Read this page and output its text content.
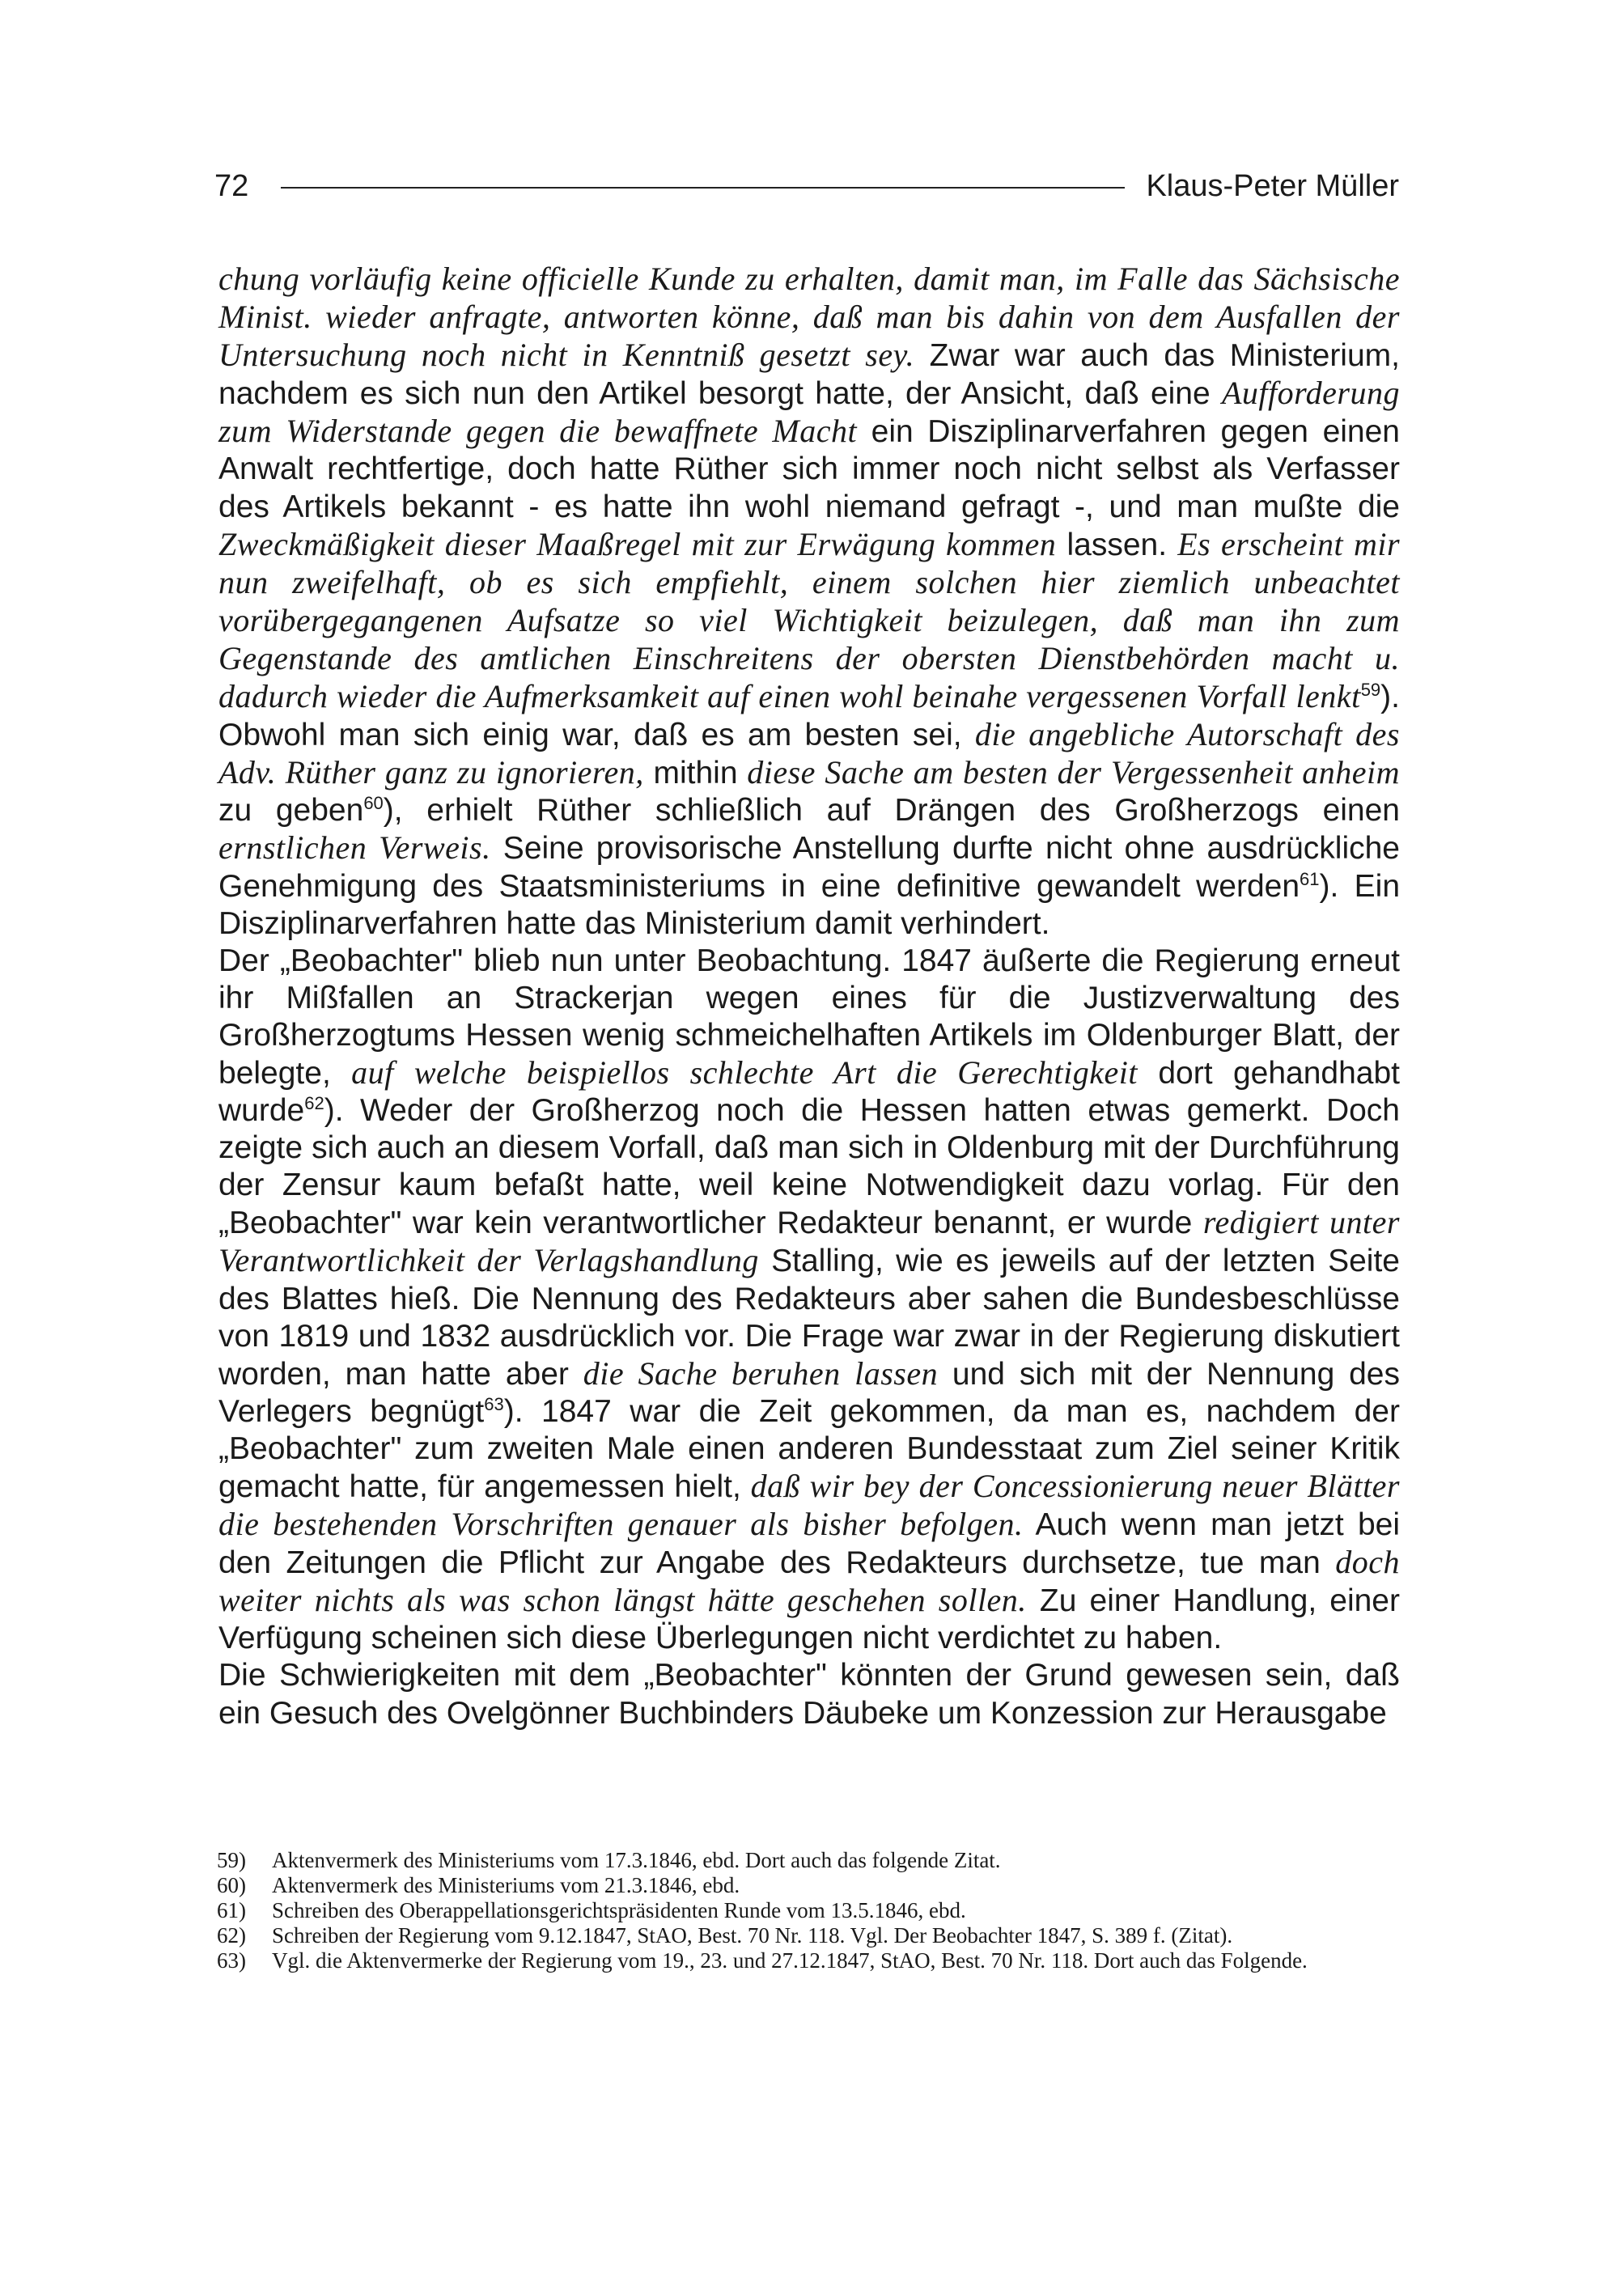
72	Klaus-Peter Müller

chung vorläufig keine officielle Kunde zu erhalten, damit man, im Falle das Sächsische Minist. wieder anfragte, antworten könne, daß man bis dahin von dem Ausfallen der Untersuchung noch nicht in Kenntniß gesetzt sey. Zwar war auch das Ministerium, nachdem es sich nun den Artikel besorgt hatte, der Ansicht, daß eine Aufforderung zum Widerstande gegen die bewaffnete Macht ein Disziplinarverfahren gegen einen Anwalt rechtfertige, doch hatte Rüther sich immer noch nicht selbst als Verfasser des Artikels bekannt - es hatte ihn wohl niemand gefragt -, und man mußte die Zweckmäßigkeit dieser Maaßregel mit zur Erwägung kommen lassen. Es erscheint mir nun zweifelhaft, ob es sich empfiehlt, einem solchen hier ziemlich unbeachtet vorübergegangenen Aufsatze so viel Wichtigkeit beizulegen, daß man ihn zum Gegenstande des amtlichen Einschreitens der obersten Dienstbehörden macht u. dadurch wieder die Aufmerksamkeit auf einen wohl beinahe vergessenen Vorfall lenkt$^{59}$). Obwohl man sich einig war, daß es am besten sei, die angebliche Autorschaft des Adv. Rüther ganz zu ignorieren, mithin diese Sache am besten der Vergessenheit anheim zu geben$^{60}$), erhielt Rüther schließlich auf Drängen des Großherzogs einen ernstlichen Verweis. Seine provisorische Anstellung durfte nicht ohne ausdrückliche Genehmigung des Staatsministeriums in eine definitive gewandelt werden$^{61}$). Ein Disziplinarverfahren hatte das Ministerium damit verhindert.

Der „Beobachter" blieb nun unter Beobachtung. 1847 äußerte die Regierung erneut ihr Mißfallen an Strackerjan wegen eines für die Justizverwaltung des Großherzogtums Hessen wenig schmeichelhaften Artikels im Oldenburger Blatt, der belegte, auf welche beispiellos schlechte Art die Gerechtigkeit dort gehandhabt wurde$^{62}$). Weder der Großherzog noch die Hessen hatten etwas gemerkt. Doch zeigte sich auch an diesem Vorfall, daß man sich in Oldenburg mit der Durchführung der Zensur kaum befaßt hatte, weil keine Notwendigkeit dazu vorlag. Für den „Beobachter" war kein verantwortlicher Redakteur benannt, er wurde redigiert unter Verantwortlichkeit der Verlagshandlung Stalling, wie es jeweils auf der letzten Seite des Blattes hieß. Die Nennung des Redakteurs aber sahen die Bundesbeschlüsse von 1819 und 1832 ausdrücklich vor. Die Frage war zwar in der Regierung diskutiert worden, man hatte aber die Sache beruhen lassen und sich mit der Nennung des Verlegers begnügt$^{63}$). 1847 war die Zeit gekommen, da man es, nachdem der „Beobachter" zum zweiten Male einen anderen Bundesstaat zum Ziel seiner Kritik gemacht hatte, für angemessen hielt, daß wir bey der Concessionierung neuer Blätter die bestehenden Vorschriften genauer als bisher befolgen. Auch wenn man jetzt bei den Zeitungen die Pflicht zur Angabe des Redakteurs durchsetze, tue man doch weiter nichts als was schon längst hätte geschehen sollen. Zu einer Handlung, einer Verfügung scheinen sich diese Überlegungen nicht verdichtet zu haben.

Die Schwierigkeiten mit dem „Beobachter" könnten der Grund gewesen sein, daß ein Gesuch des Ovelgönner Buchbinders Däubeke um Konzession zur Herausgabe

59)	Aktenvermerk des Ministeriums vom 17.3.1846, ebd. Dort auch das folgende Zitat.
60)	Aktenvermerk des Ministeriums vom 21.3.1846, ebd.
61)	Schreiben des Oberappellationsgerichtspräsidenten Runde vom 13.5.1846, ebd.
62)	Schreiben der Regierung vom 9.12.1847, StAO, Best. 70 Nr. 118. Vgl. Der Beobachter 1847, S. 389 f. (Zitat).
63)	Vgl. die Aktenvermerke der Regierung vom 19., 23. und 27.12.1847, StAO, Best. 70 Nr. 118. Dort auch das Folgende.
